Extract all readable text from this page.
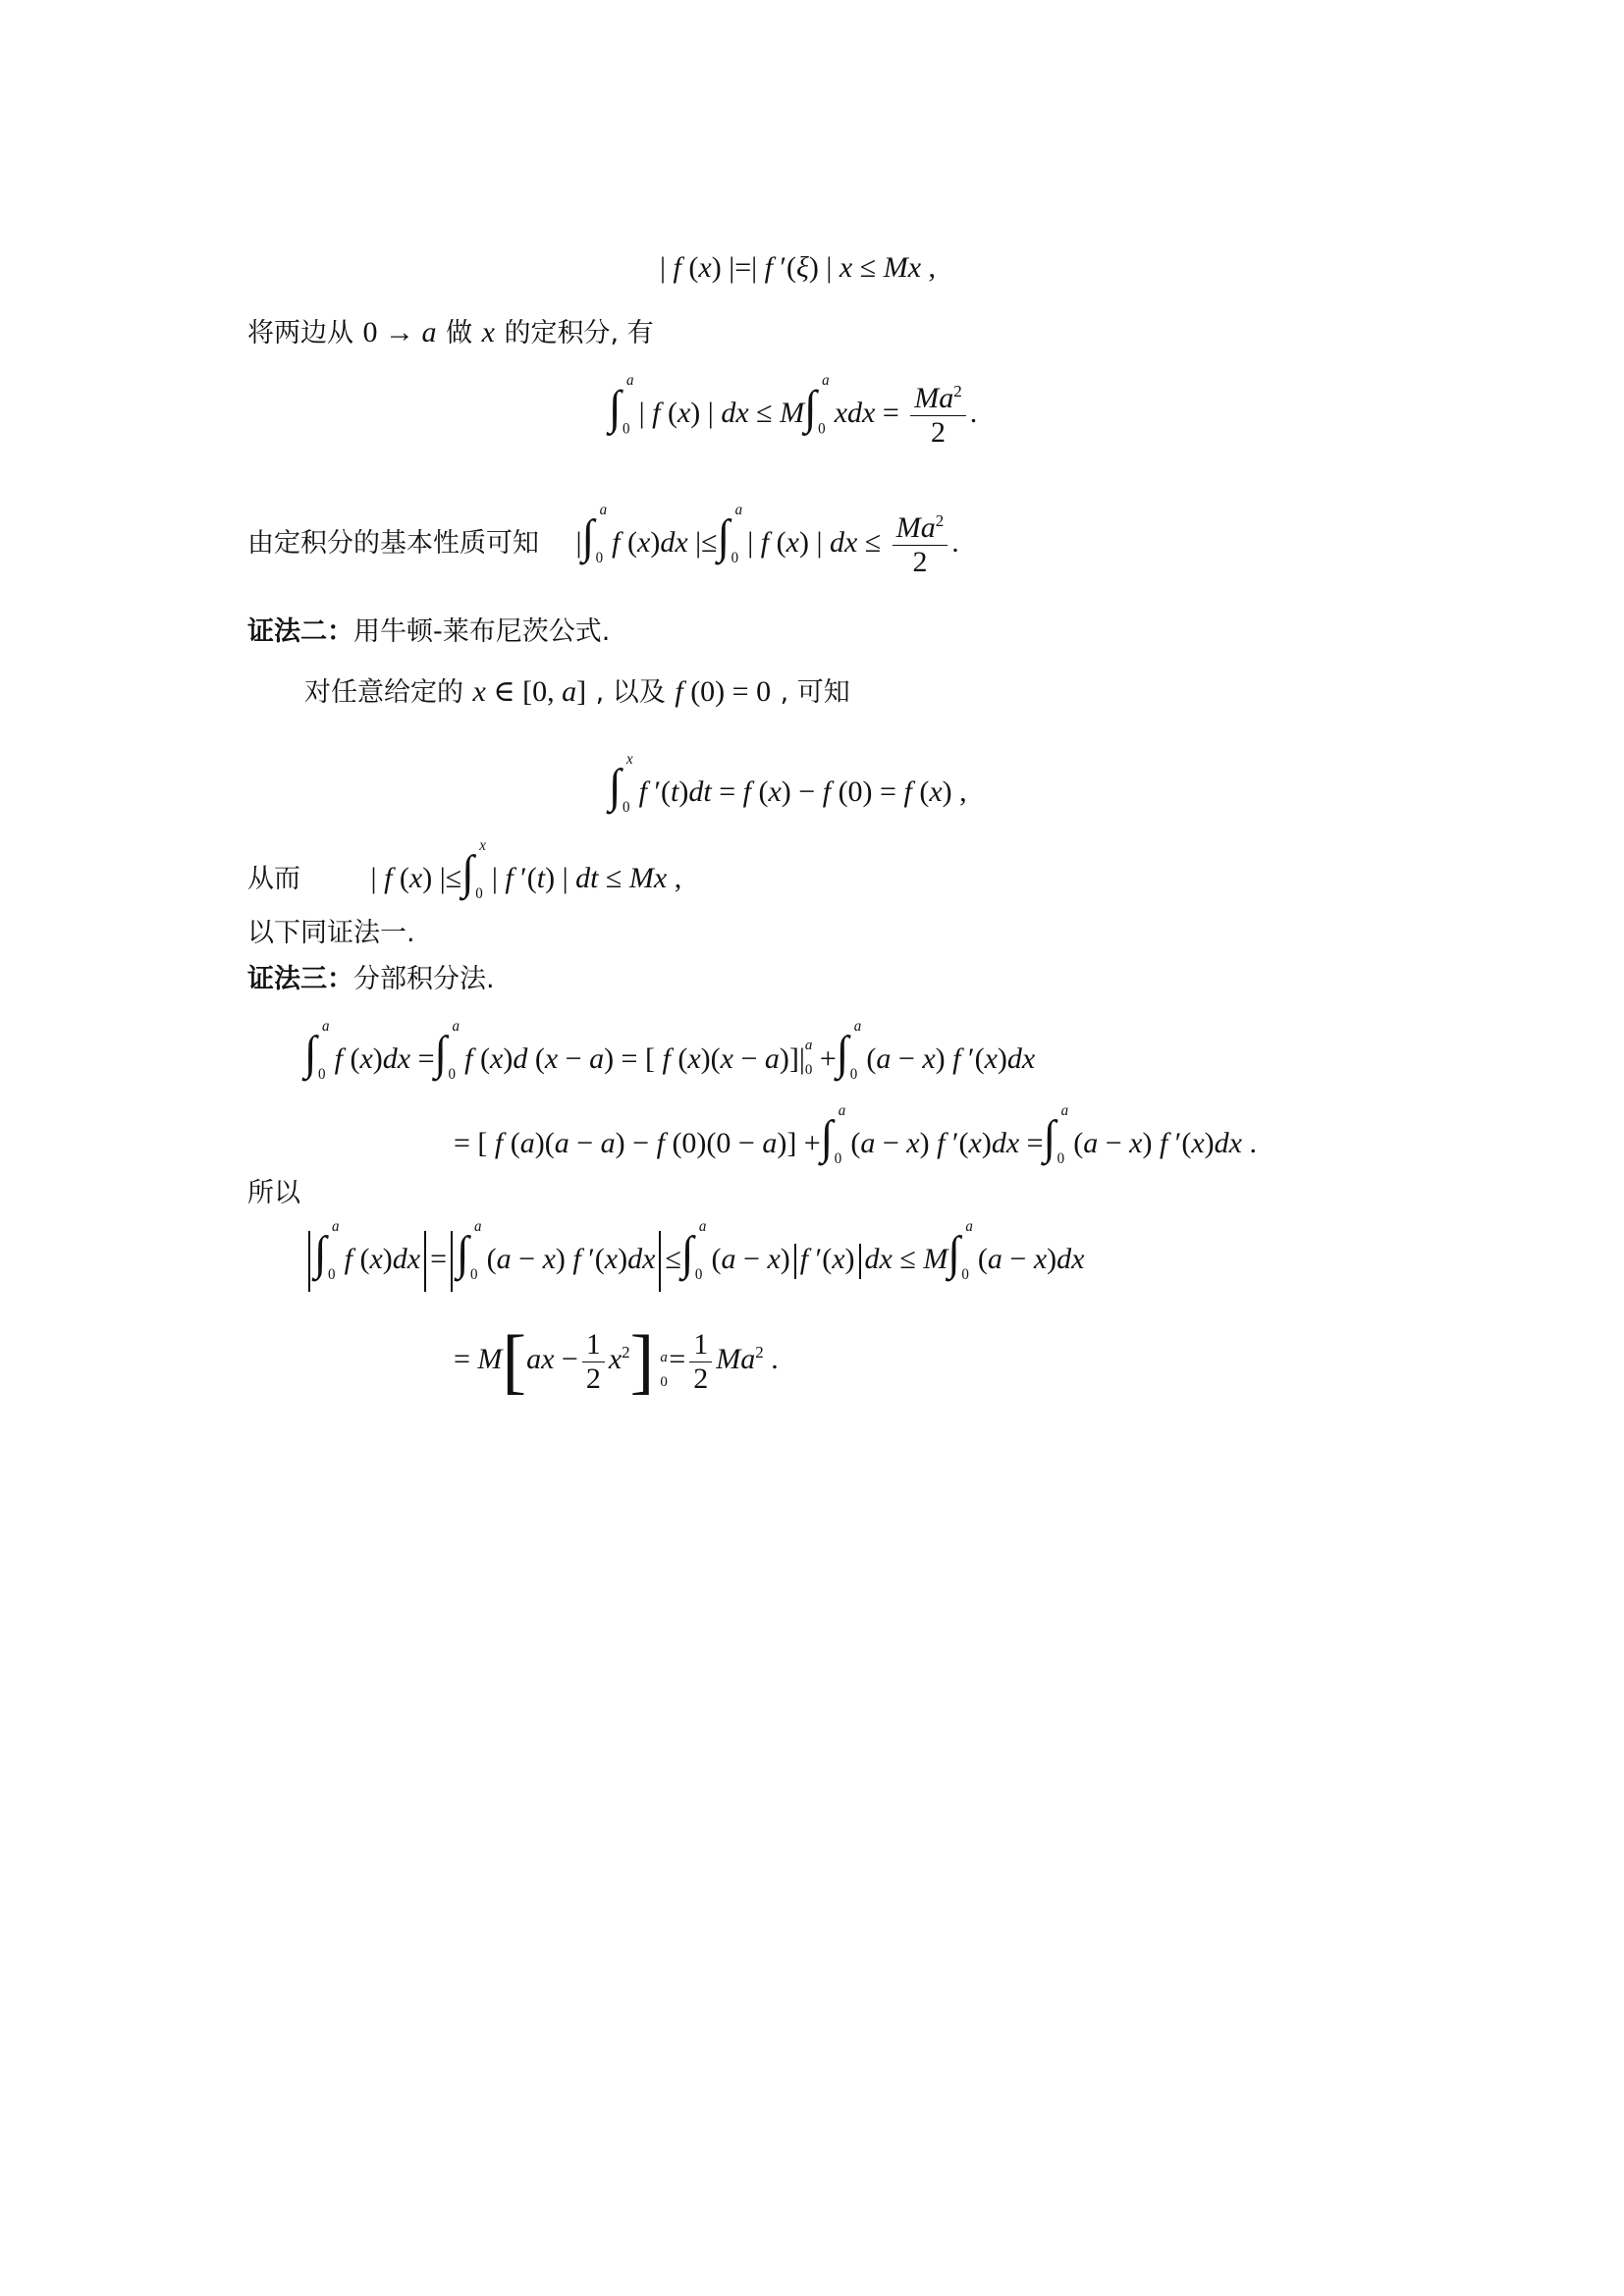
| f (x) |=| f ′(ξ) | x ≤ Mx ,
将两边从 0 → a 做 x 的定积分, 有
∫
a
0
| f (x) | dx ≤ M∫
a
0
xdx = $\frac{Ma^2}{2}$ .
由定积分的基本性质可知 |∫
a
0
f (x)dx |≤∫
a
0
| f (x) | dx ≤ $\frac{Ma^2}{2}$ .
证法二：用牛顿-莱布尼茨公式.
对任意给定的 x ∈ [0, a] , 以及 f (0) = 0 , 可知
∫
x
0
f ′(t)dt = f (x) − f (0) = f (x) ,
从而 | f (x) |≤∫
x
0
| f ′(t) | dt ≤ Mx ,
以下同证法一.
证法三：分部积分法.
∫ a
0
f (x)dx =∫ a
0
f (x)d (x − a) = [ f (x)(x − a)]| a
0 +∫ a
0
(a − x) f ′(x)dx
= [ f (a)(a − a) − f (0)(0 − a)] +∫ a
0
(a − x) f ′(x)dx =∫ a
0
(a − x) f ′(x)dx .
所以
∫ a
0
f (x)dx = ∫ a
0
(a − x) f ′(x)dx ≤∫ a
0
(a − x) f ′(x) dx ≤ M∫ a
0
(a − x)dx
= $M[ax - \frac{1}{2} x^2]$ a
0
= $\frac{1}{2} Ma^2$ .
